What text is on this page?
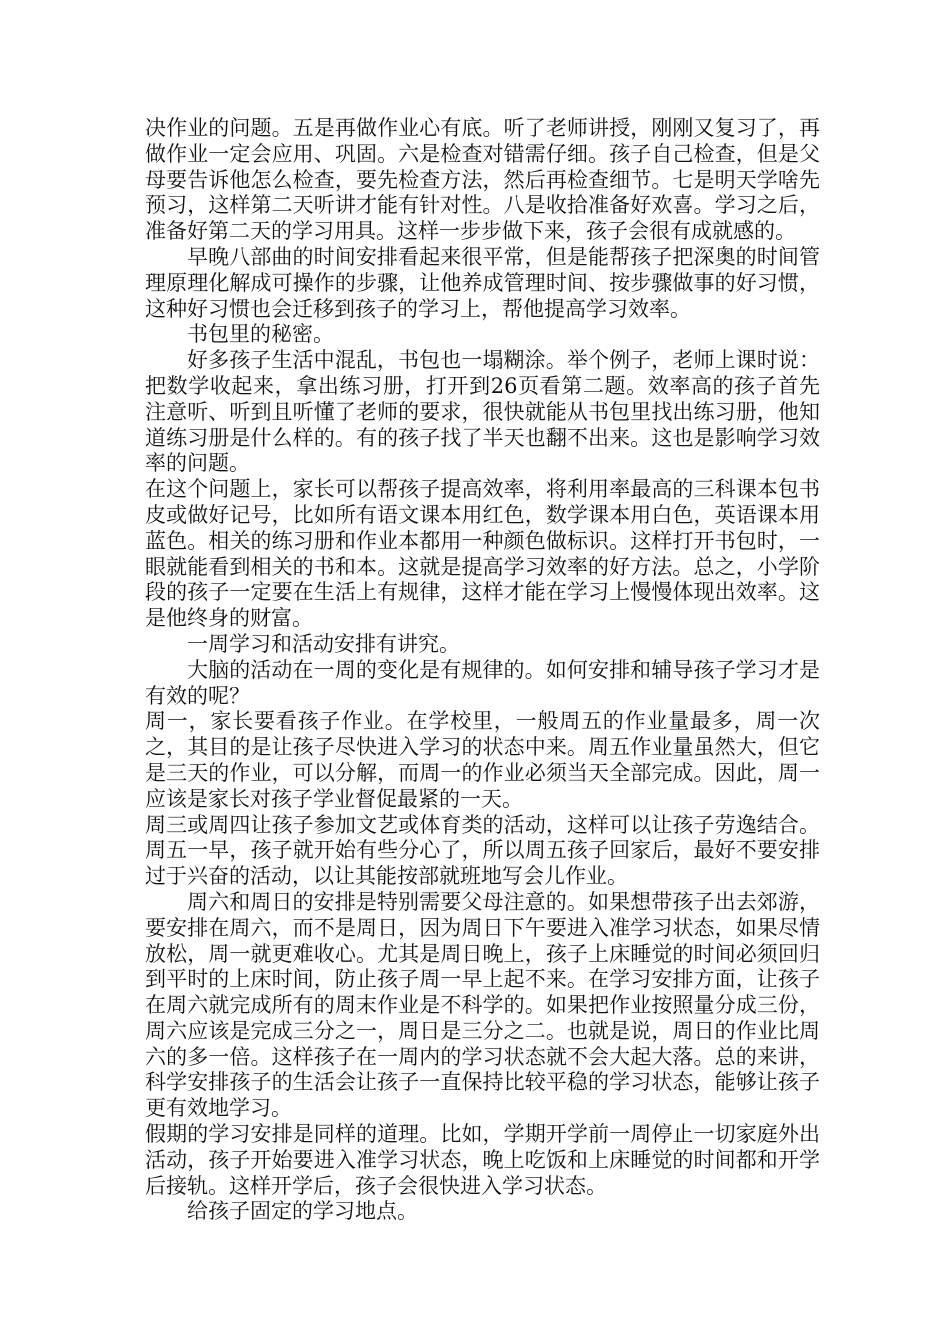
决作业的问题。五是再做作业心有底。听了老师讲授，刚刚又复习了，再做作业一定会应用、巩固。六是检查对错需仔细。孩子自己检查，但是父母要告诉他怎么检查，要先检查方法，然后再检查细节。七是明天学啥先预习，这样第二天听讲才能有针对性。八是收拾准备好欢喜。学习之后，准备好第二天的学习用具。这样一步步做下来，孩子会很有成就感的。

早晚八部曲的时间安排看起来很平常，但是能帮孩子把深奥的时间管理原理化解成可操作的步骤，让他养成管理时间、按步骤做事的好习惯，这种好习惯也会迁移到孩子的学习上，帮他提高学习效率。

书包里的秘密。

好多孩子生活中混乱，书包也一塌糊涂。举个例子，老师上课时说：把数学收起来，拿出练习册，打开到26页看第二题。效率高的孩子首先注意听、听到且听懂了老师的要求，很快就能从书包里找出练习册，他知道练习册是什么样的。有的孩子找了半天也翻不出来。这也是影响学习效率的问题。

在这个问题上，家长可以帮孩子提高效率，将利用率最高的三科课本包书皮或做好记号，比如所有语文课本用红色，数学课本用白色，英语课本用蓝色。相关的练习册和作业本都用一种颜色做标识。这样打开书包时，一眼就能看到相关的书和本。这就是提高学习效率的好方法。总之，小学阶段的孩子一定要在生活上有规律，这样才能在学习上慢慢体现出效率。这是他终身的财富。

一周学习和活动安排有讲究。

大脑的活动在一周的变化是有规律的。如何安排和辅导孩子学习才是有效的呢？

周一，家长要看孩子作业。在学校里，一般周五的作业量最多，周一次之，其目的是让孩子尽快进入学习的状态中来。周五作业量虽然大，但它是三天的作业，可以分解，而周一的作业必须当天全部完成。因此，周一应该是家长对孩子学业督促最紧的一天。

周三或周四让孩子参加文艺或体育类的活动，这样可以让孩子劳逸结合。周五一早，孩子就开始有些分心了，所以周五孩子回家后，最好不要安排过于兴奋的活动，以让其能按部就班地写会儿作业。

周六和周日的安排是特别需要父母注意的。如果想带孩子出去郊游，要安排在周六，而不是周日，因为周日下午要进入准学习状态，如果尽情放松，周一就更难收心。尤其是周日晚上，孩子上床睡觉的时间必须回归到平时的上床时间，防止孩子周一早上起不来。在学习安排方面，让孩子在周六就完成所有的周末作业是不科学的。如果把作业按照量分成三份，周六应该是完成三分之一，周日是三分之二。也就是说，周日的作业比周六的多一倍。这样孩子在一周内的学习状态就不会大起大落。总的来讲，科学安排孩子的生活会让孩子一直保持比较平稳的学习状态，能够让孩子更有效地学习。

假期的学习安排是同样的道理。比如，学期开学前一周停止一切家庭外出活动，孩子开始要进入准学习状态，晚上吃饭和上床睡觉的时间都和开学后接轨。这样开学后，孩子会很快进入学习状态。

给孩子固定的学习地点。
